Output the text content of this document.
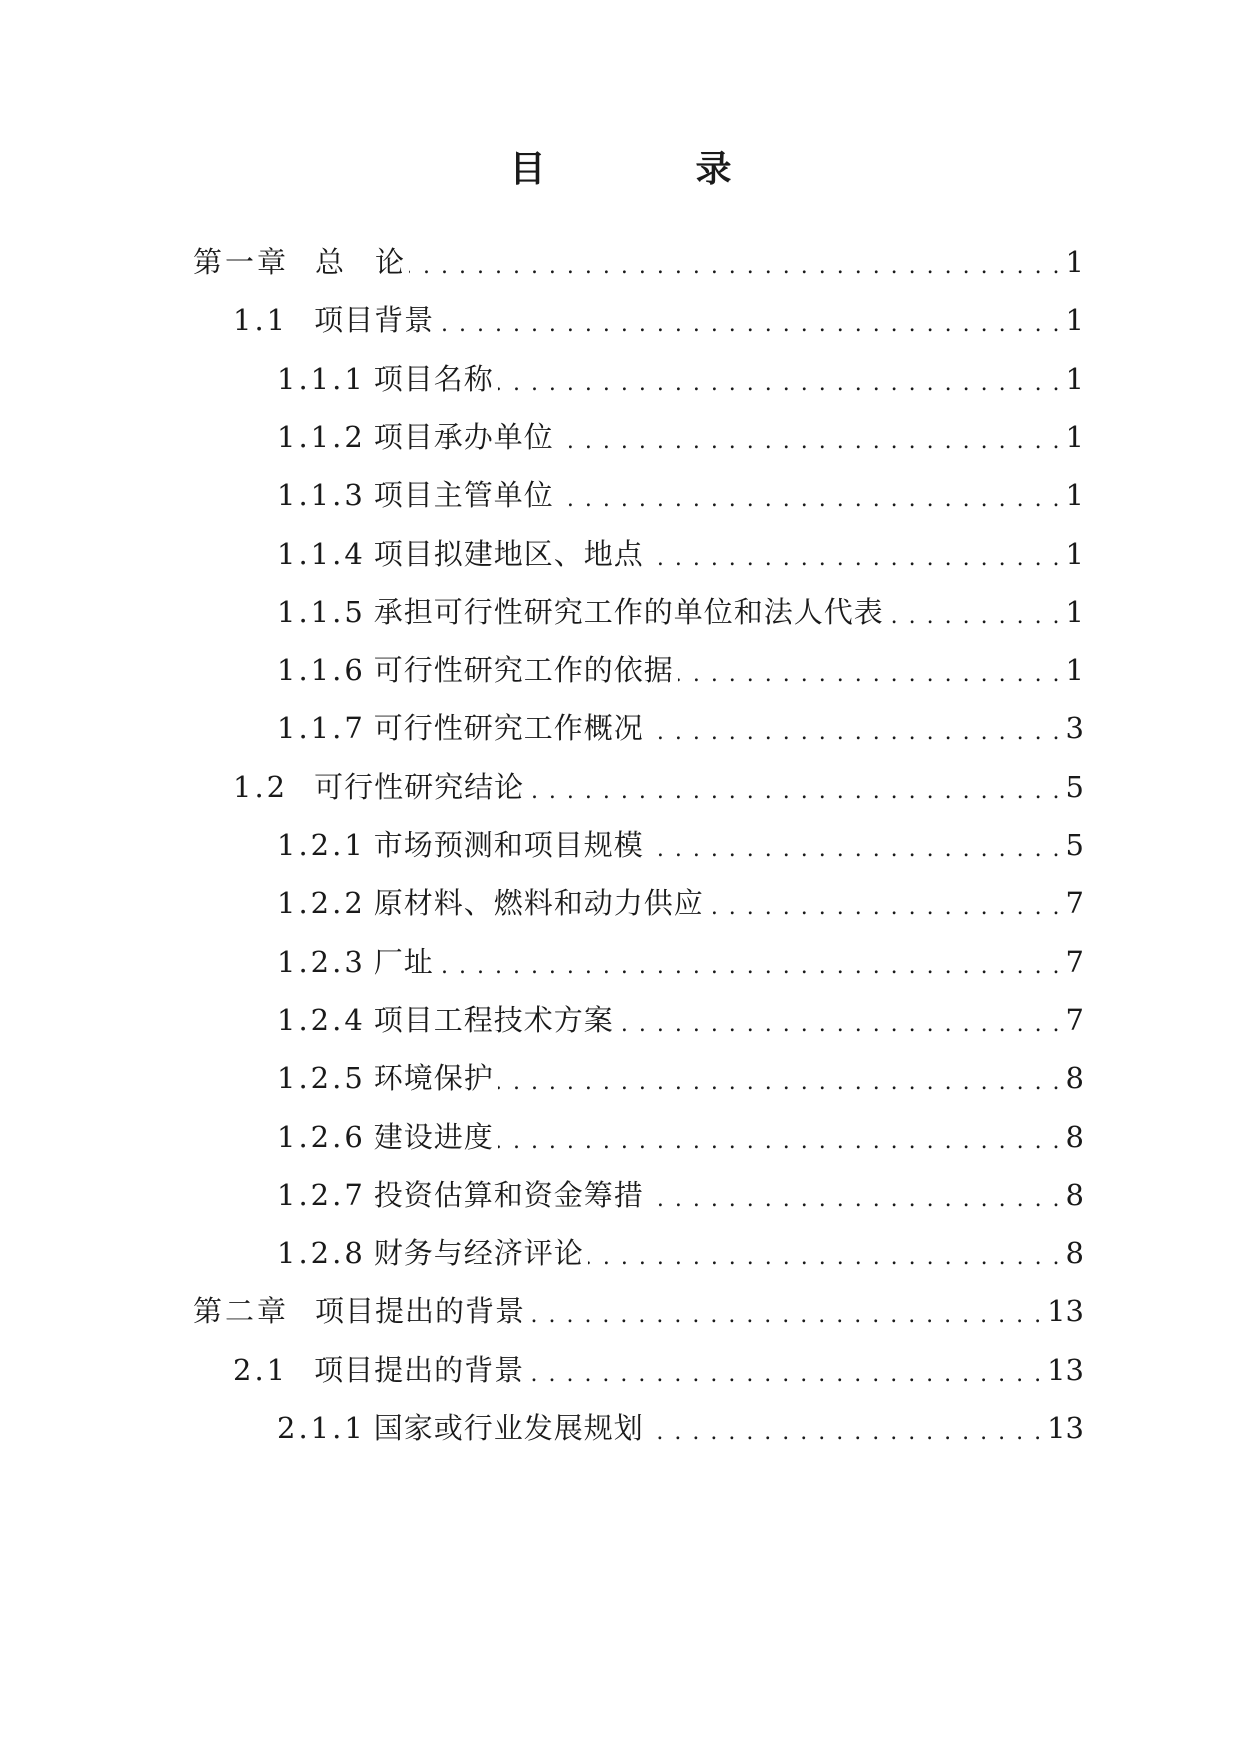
目	录
第一章 总　论 . . .	1
1.1 项目背景 . . .	1
1.1.1 项目名称 . . .	1
1.1.2 项目承办单位 . . .	1
1.1.3 项目主管单位 . . .	1
1.1.4 项目拟建地区、地点 . . .	1
1.1.5 承担可行性研究工作的单位和法人代表 . . .	1
1.1.6 可行性研究工作的依据 . . .	1
1.1.7 可行性研究工作概况 . . .	3
1.2 可行性研究结论 . . .	5
1.2.1 市场预测和项目规模 . . .	5
1.2.2 原材料、燃料和动力供应 . . .	7
1.2.3 厂址 . . .	7
1.2.4 项目工程技术方案 . . .	7
1.2.5 环境保护 . . .	8
1.2.6 建设进度 . . .	8
1.2.7 投资估算和资金筹措 . . .	8
1.2.8 财务与经济评论 . . .	8
第二章 项目提出的背景 . . .	13
2.1 项目提出的背景 . . .	13
2.1.1 国家或行业发展规划 . . .	13
